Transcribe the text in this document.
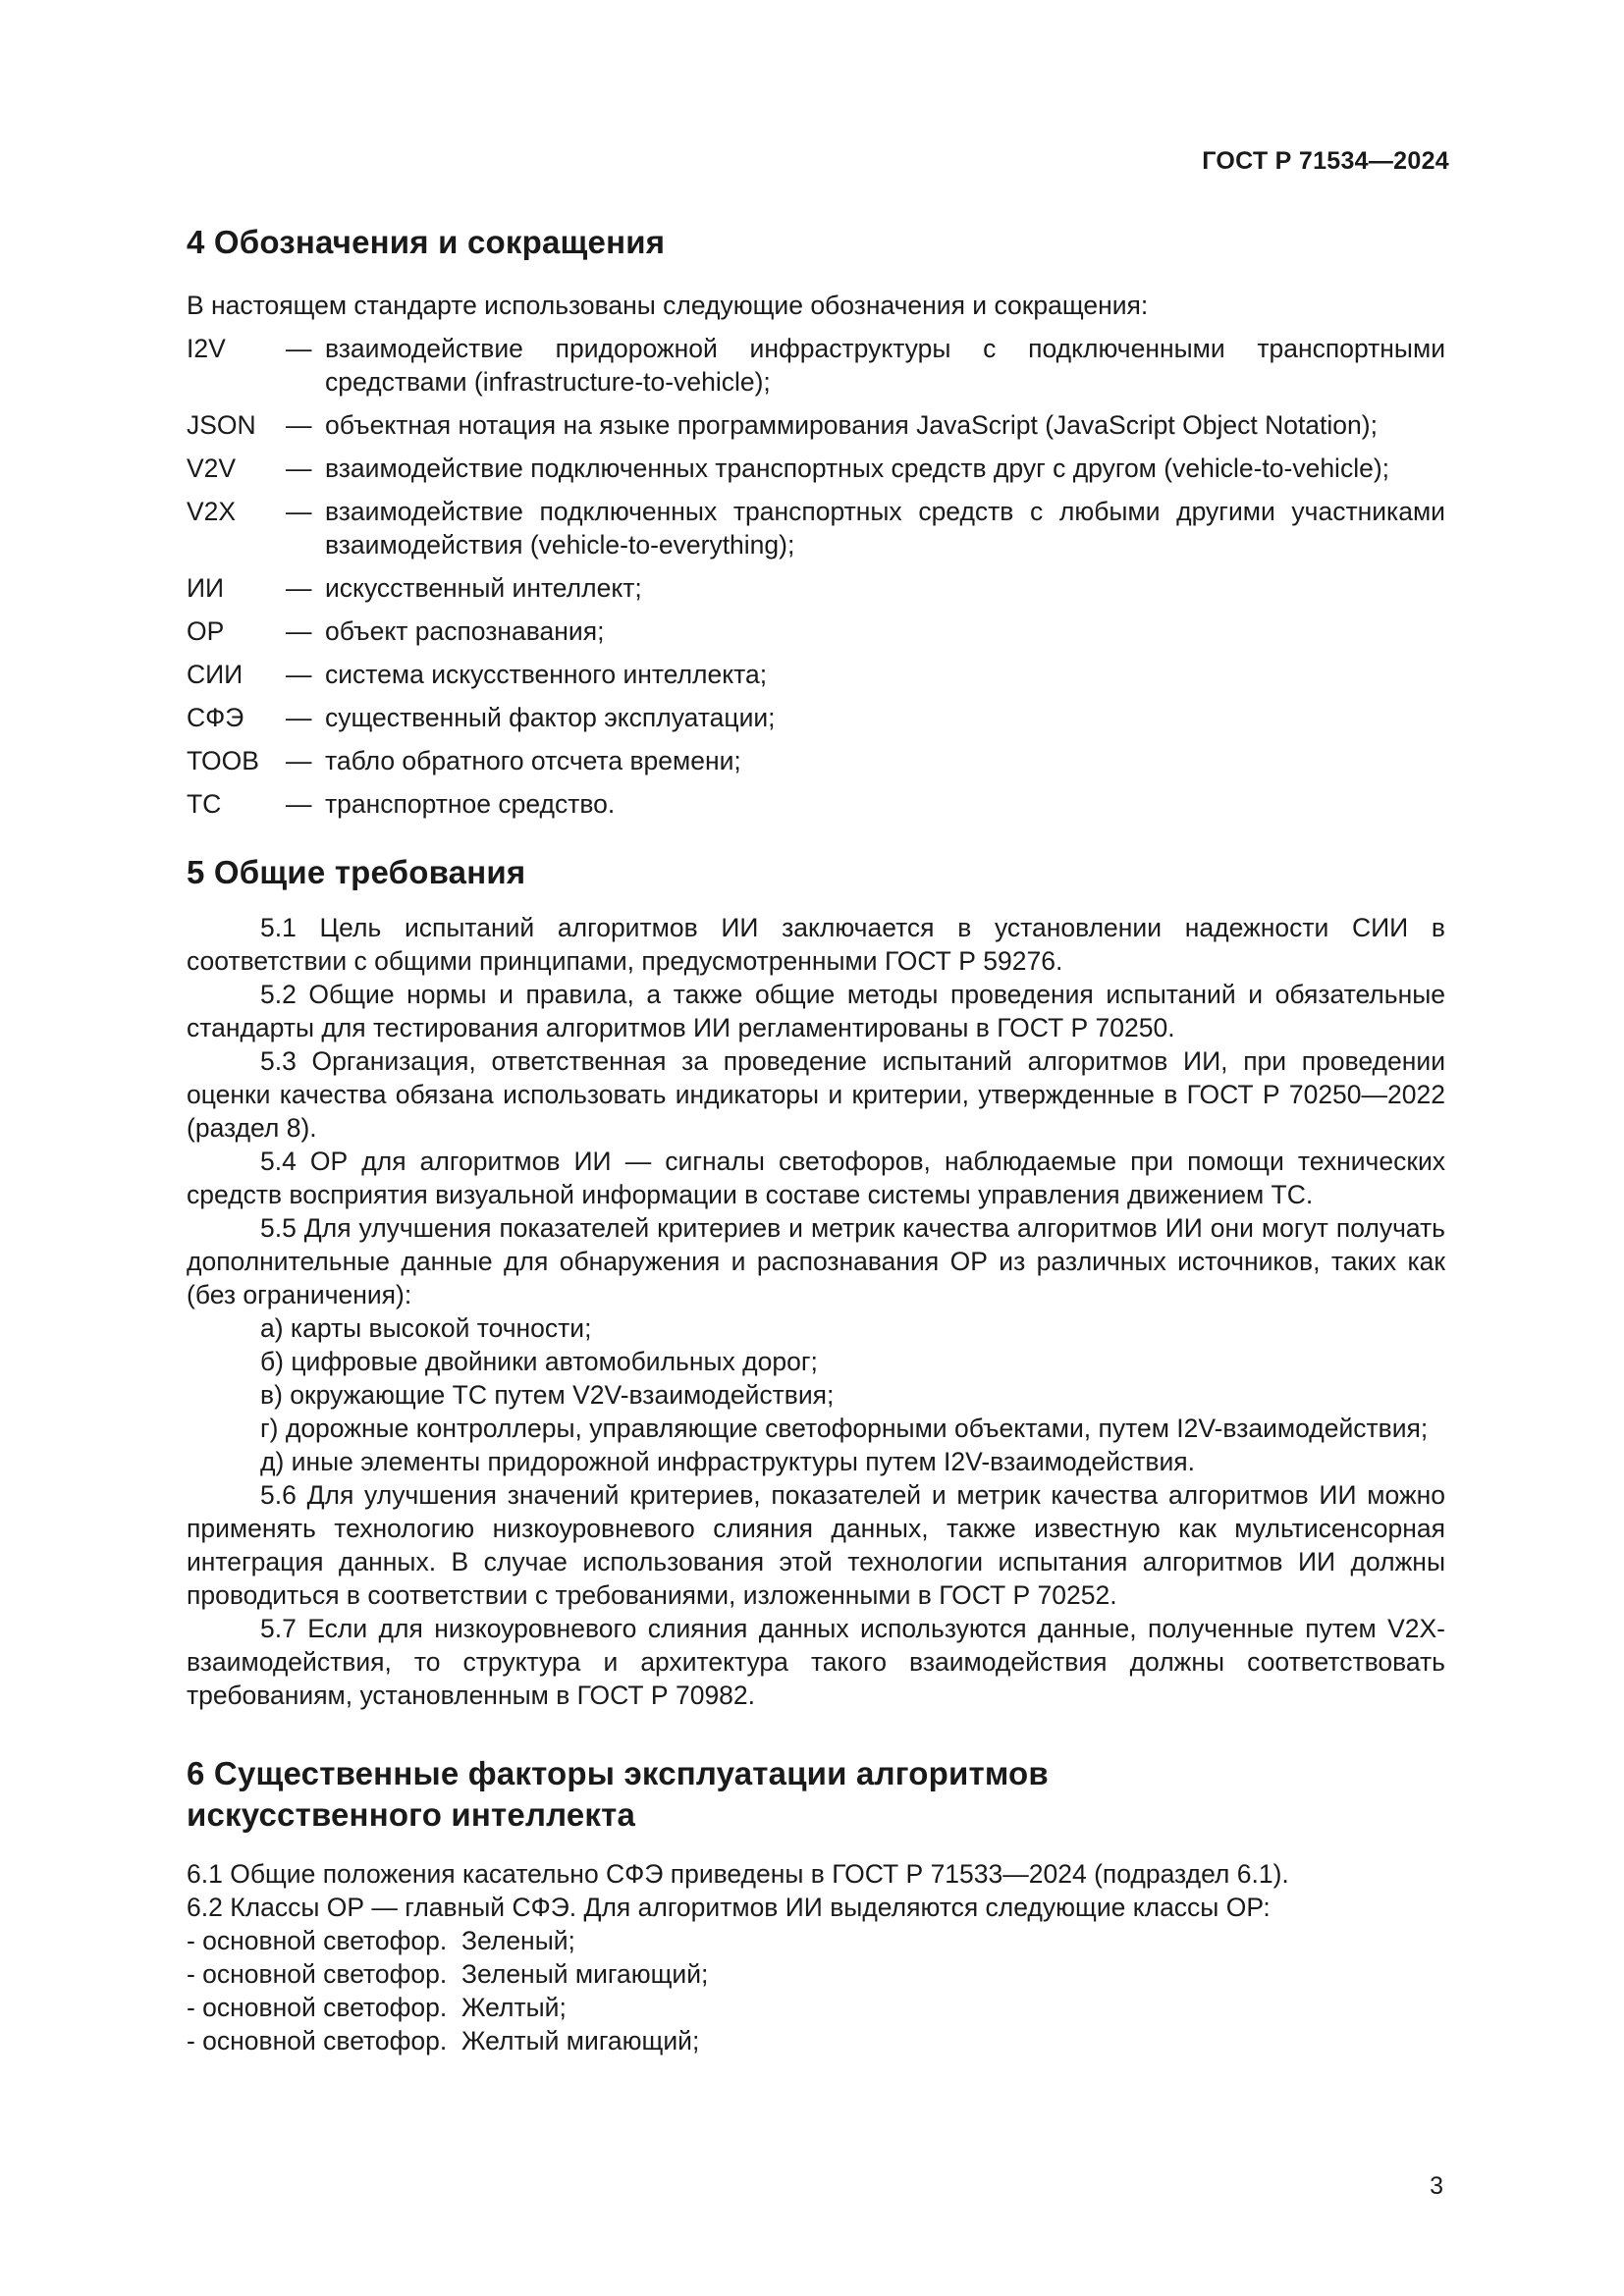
ГОСТ Р 71534—2024
4 Обозначения и сокращения

В настоящем стандарте использованы следующие обозначения и сокращения:

I2V	— взаимодействие придорожной инфраструктуры с подключенными транспортными средствами (infrastructure-to-vehicle);
JSON	— объектная нотация на языке программирования JavaScript (JavaScript Object Notation);
V2V	— взаимодействие подключенных транспортных средств друг с другом (vehicle-to-vehicle);
V2X	— взаимодействие подключенных транспортных средств с любыми другими участниками взаимодействия (vehicle-to-everything);
ИИ	— искусственный интеллект;
ОР	— объект распознавания;
СИИ	— система искусственного интеллекта;
СФЭ	— существенный фактор эксплуатации;
ТООВ	— табло обратного отсчета времени;
ТС	— транспортное средство.
5 Общие требования

5.1 Цель испытаний алгоритмов ИИ заключается в установлении надежности СИИ в соответствии с общими принципами, предусмотренными ГОСТ Р 59276.

5.2 Общие нормы и правила, а также общие методы проведения испытаний и обязательные стандарты для тестирования алгоритмов ИИ регламентированы в ГОСТ Р 70250.

5.3 Организация, ответственная за проведение испытаний алгоритмов ИИ, при проведении оценки качества обязана использовать индикаторы и критерии, утвержденные в ГОСТ Р 70250—2022 (раздел 8).

5.4 ОР для алгоритмов ИИ — сигналы светофоров, наблюдаемые при помощи технических средств восприятия визуальной информации в составе системы управления движением ТС.

5.5 Для улучшения показателей критериев и метрик качества алгоритмов ИИ они могут получать дополнительные данные для обнаружения и распознавания ОР из различных источников, таких как (без ограничения):

а) карты высокой точности;

б) цифровые двойники автомобильных дорог;

в) окружающие ТС путем V2V-взаимодействия;

г) дорожные контроллеры, управляющие светофорными объектами, путем I2V-взаимодействия;

д) иные элементы придорожной инфраструктуры путем I2V-взаимодействия.

5.6 Для улучшения значений критериев, показателей и метрик качества алгоритмов ИИ можно применять технологию низкоуровневого слияния данных, также известную как мультисенсорная интеграция данных. В случае использования этой технологии испытания алгоритмов ИИ должны проводиться в соответствии с требованиями, изложенными в ГОСТ Р 70252.

5.7 Если для низкоуровневого слияния данных используются данные, полученные путем V2X-взаимодействия, то структура и архитектура такого взаимодействия должны соответствовать требованиям, установленным в ГОСТ Р 70982.

6 Существенные факторы эксплуатации алгоритмов искусственного интеллекта

6.1 Общие положения касательно СФЭ приведены в ГОСТ Р 71533—2024 (подраздел 6.1).

6.2 Классы ОР — главный СФЭ. Для алгоритмов ИИ выделяются следующие классы ОР:

- основной светофор.  Зеленый;
- основной светофор.  Зеленый мигающий;
- основной светофор.  Желтый;
- основной светофор.  Желтый мигающий;
3
